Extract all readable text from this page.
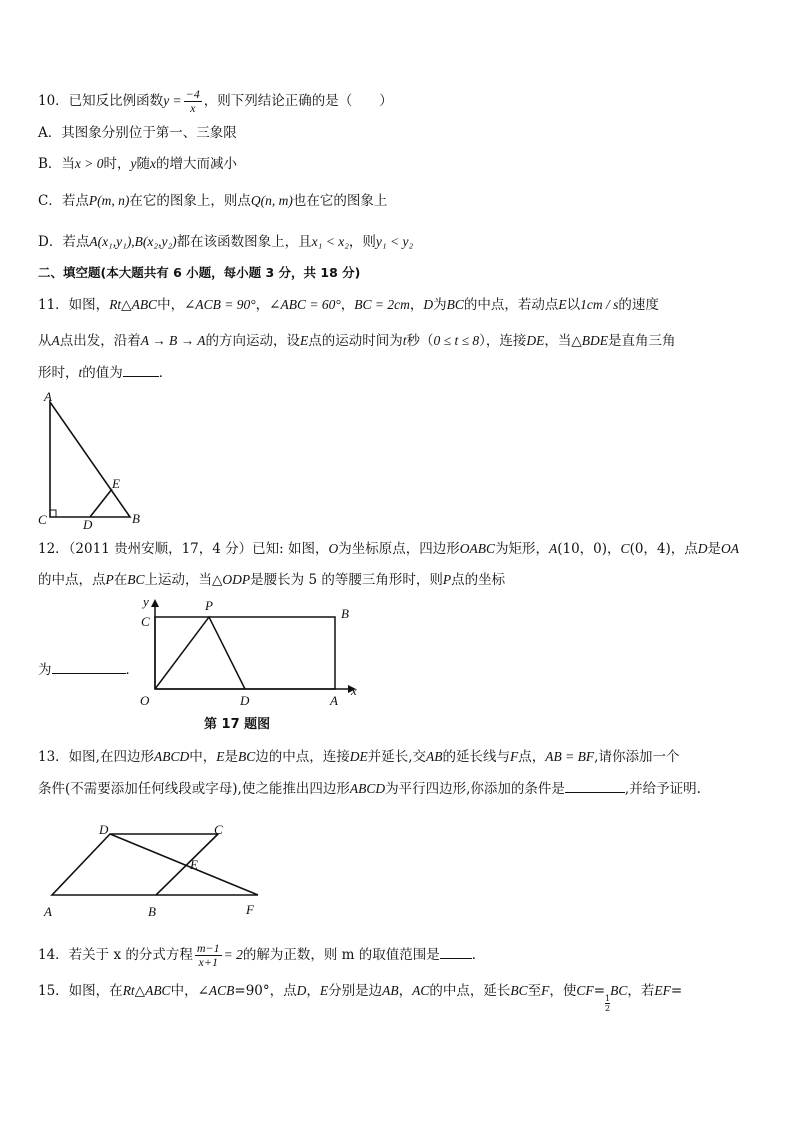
10．已知反比例函数$y = \frac{-4}{x}$ ，则下列结论正确的是（　　）
A．其图象分别位于第一、三象限
B．当x > 0时，y随x的增大而减小
C．若点P(m, n)在它的图象上，则点Q(n, m)也在它的图象上
D．若点A(x₁,y₁),B(x₂,y₂)都在该函数图象上，且x₁ < x₂，则y₁ < y₂
二、填空题(本大题共有 6 小题，每小题 3 分，共 18 分)
11．如图，Rt△ABC中，∠ACB = 90°，∠ABC = 60°，BC = 2cm，D为BC的中点，若动点E以1cm / s的速度
从A点出发，沿着A → B → A的方向运动，设E点的运动时间为t秒（0 ≤ t ≤ 8），连接DE，当△BDE是直角三角
形时，t的值为	．
A
C	D	B
E
12．（2011 贵州安顺，17，4 分）已知: 如图，O为坐标原点，四边形OABC为矩形，A(10，0)，C(0，4)，点D是OA
的中点，点P在BC上运动，当△ODP是腰长为 5 的等腰三角形时，则P点的坐标
为	．
y
C
P
B
O	D	A
x
第 17 题图
13．如图,在四边形ABCD中，E是BC边的中点，连接DE并延长,交AB的延长线与F点，AB = BF,请你添加一个
条件(不需要添加任何线段或字母),使之能推出四边形ABCD为平行四边形,你添加的条件是	,并给予证明.
D	C
E
A	B	F
14．若关于 x 的分式方程 $\frac{m-1}{x+1} = 2$的解为正数，则 m 的取值范围是 ．
15．如图，在Rt△ABC中，∠ACB=90°，点D，E分别是边AB，AC的中点，延长BC至F，使CF=
$\frac{1}{2}BC$，若EF=
